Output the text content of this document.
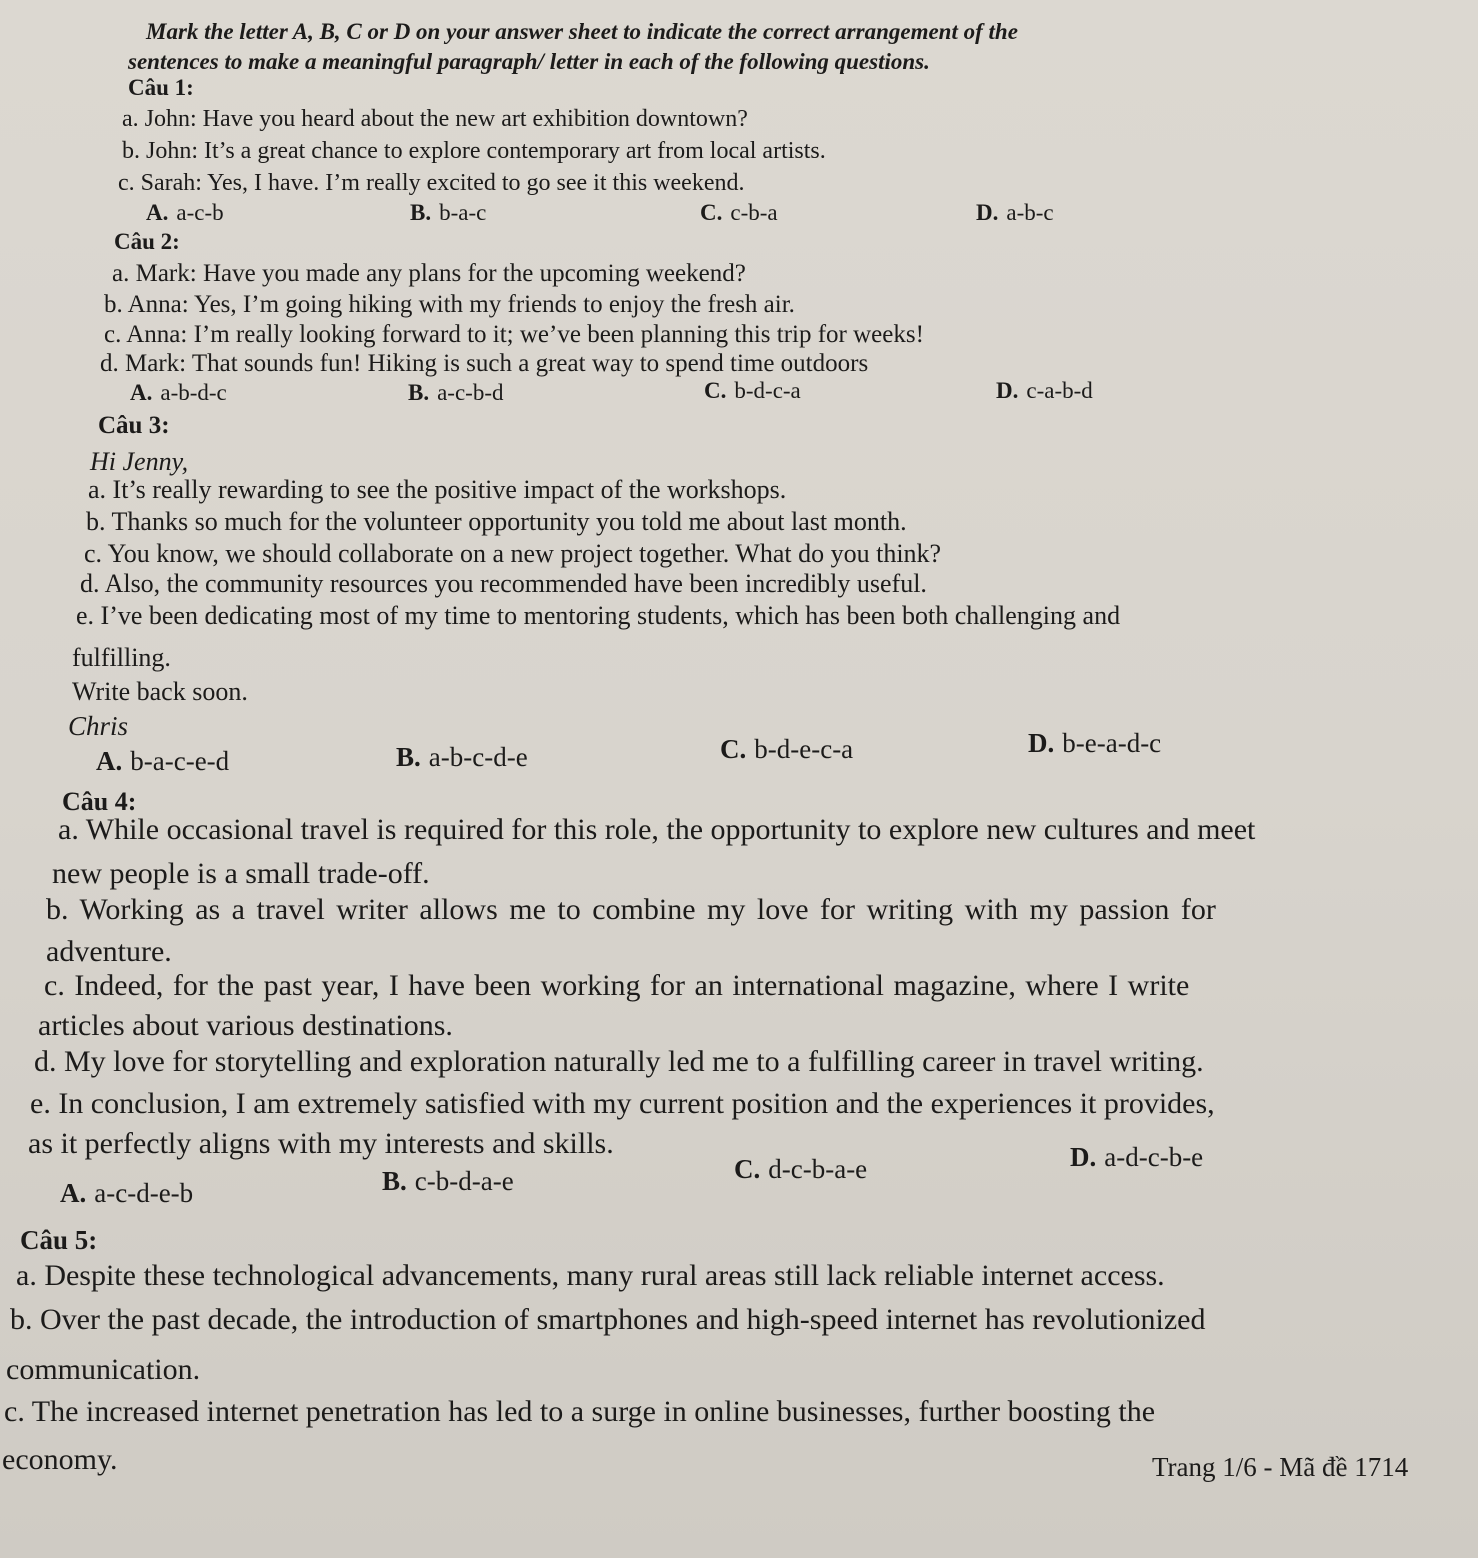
Mark the letter A, B, C or D on your answer sheet to indicate the correct arrangement of the
sentences to make a meaningful paragraph/ letter in each of the following questions.
Câu 1:
a. John: Have you heard about the new art exhibition downtown?
b. John: It’s a great chance to explore contemporary art from local artists.
c. Sarah: Yes, I have. I’m really excited to go see it this weekend.
A. a-c-b	B. b-a-c	C. c-b-a	D. a-b-c
Câu 2:
a. Mark: Have you made any plans for the upcoming weekend?
b. Anna: Yes, I’m going hiking with my friends to enjoy the fresh air.
c. Anna: I’m really looking forward to it; we’ve been planning this trip for weeks!
d. Mark: That sounds fun! Hiking is such a great way to spend time outdoors
A. a-b-d-c	B. a-c-b-d	C. b-d-c-a	D. c-a-b-d
Câu 3:
Hi Jenny,
a. It’s really rewarding to see the positive impact of the workshops.
b. Thanks so much for the volunteer opportunity you told me about last month.
c. You know, we should collaborate on a new project together. What do you think?
d. Also, the community resources you recommended have been incredibly useful.
e. I’ve been dedicating most of my time to mentoring students, which has been both challenging and
fulfilling.
Write back soon.
Chris
A. b-a-c-e-d	B. a-b-c-d-e	C. b-d-e-c-a	D. b-e-a-d-c
Câu 4:
a. While occasional travel is required for this role, the opportunity to explore new cultures and meet
new people is a small trade-off.
b. Working as a travel writer allows me to combine my love for writing with my passion for
adventure.
c. Indeed, for the past year, I have been working for an international magazine, where I write
articles about various destinations.
d. My love for storytelling and exploration naturally led me to a fulfilling career in travel writing.
e. In conclusion, I am extremely satisfied with my current position and the experiences it provides,
as it perfectly aligns with my interests and skills.
A. a-c-d-e-b	B. c-b-d-a-e	C. d-c-b-a-e	D. a-d-c-b-e
Câu 5:
a. Despite these technological advancements, many rural areas still lack reliable internet access.
b. Over the past decade, the introduction of smartphones and high-speed internet has revolutionized
communication.
c. The increased internet penetration has led to a surge in online businesses, further boosting the
economy.	Trang 1/6 - Mã đề 1714
